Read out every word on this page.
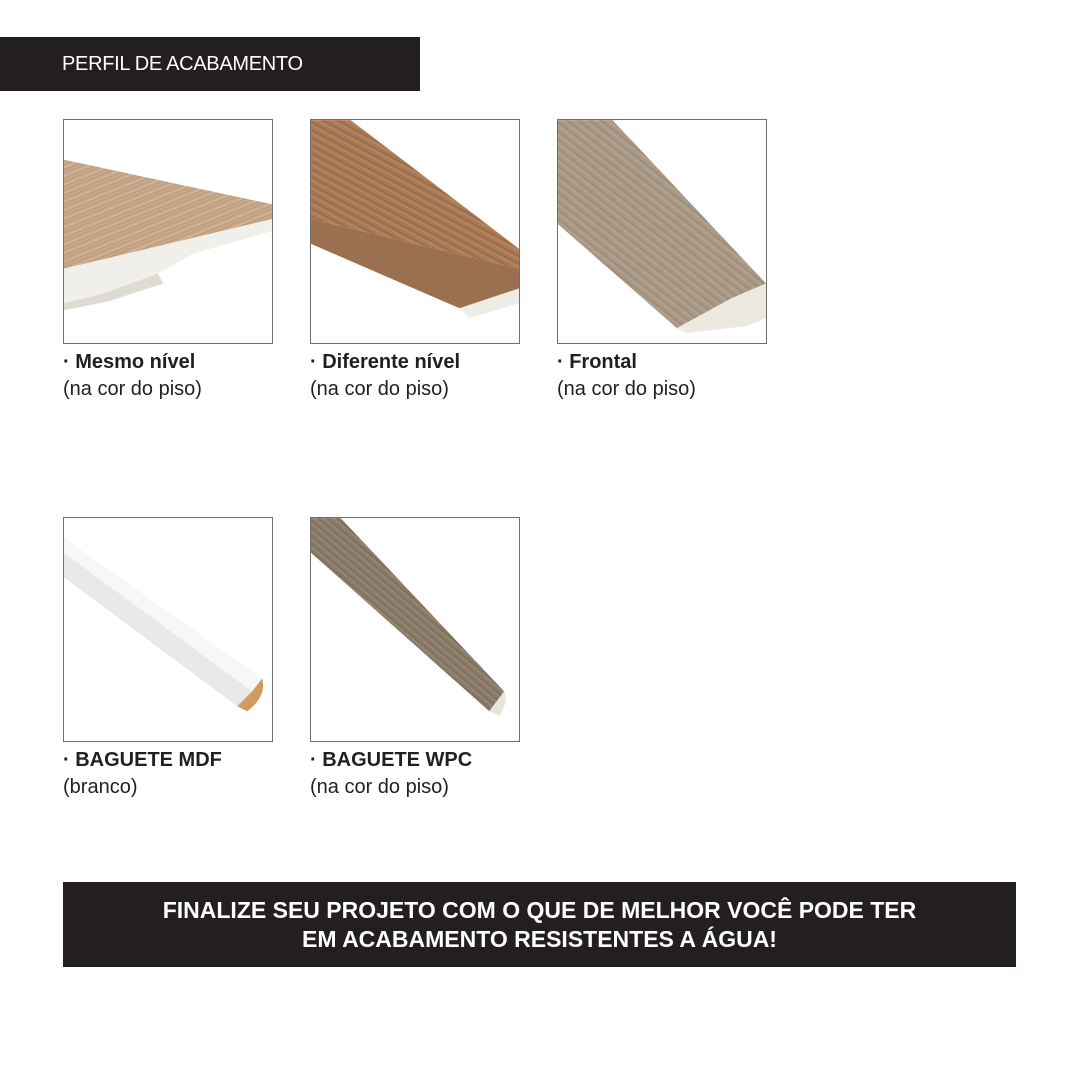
PERFIL DE ACABAMENTO
· Mesmo nível
(na cor do piso)
· Diferente nível
(na cor do piso)
· Frontal
(na cor do piso)
· BAGUETE MDF
(branco)
· BAGUETE WPC
(na cor do piso)
FINALIZE SEU PROJETO COM O QUE DE MELHOR VOCÊ PODE TER
EM ACABAMENTO RESISTENTES A ÁGUA!
